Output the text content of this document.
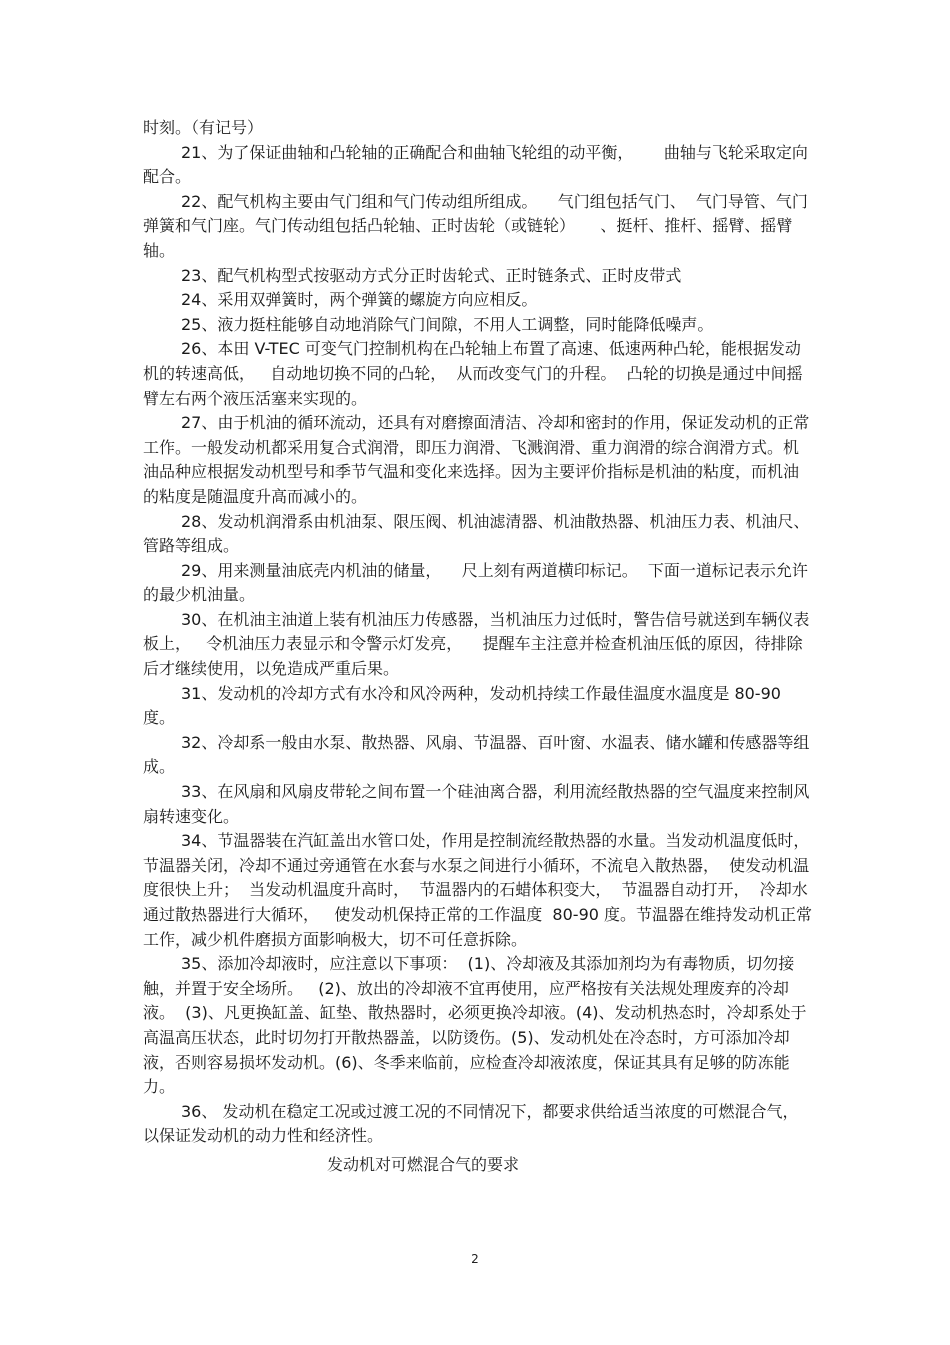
时刻。（有记号）

21、为了保证曲轴和凸轮轴的正确配合和曲轴飞轮组的动平衡，      曲轴与飞轮采取定向配合。

22、配气机构主要由气门组和气门传动组所组成。    气门组包括气门、  气门导管、气门弹簧和气门座。气门传动组包括凸轮轴、正时齿轮（或链轮）     、挺杆、推杆、摇臂、摇臂轴。

23、配气机构型式按驱动方式分正时齿轮式、正时链条式、正时皮带式

24、采用双弹簧时，两个弹簧的螺旋方向应相反。

25、液力挺柱能够自动地消除气门间隙，不用人工调整，同时能降低噪声。

26、本田 V-TEC 可变气门控制机构在凸轮轴上布置了高速、低速两种凸轮，能根据发动机的转速高低，   自动地切换不同的凸轮，  从而改变气门的升程。  凸轮的切换是通过中间摇臂左右两个液压活塞来实现的。

27、由于机油的循环流动，还具有对磨擦面清洁、冷却和密封的作用，保证发动机的正常工作。一般发动机都采用复合式润滑，即压力润滑、飞溅润滑、重力润滑的综合润滑方式。机油品种应根据发动机型号和季节气温和变化来选择。因为主要评价指标是机油的粘度，而机油的粘度是随温度升高而减小的。

28、发动机润滑系由机油泵、限压阀、机油滤清器、机油散热器、机油压力表、机油尺、管路等组成。

29、用来测量油底壳内机油的储量，    尺上刻有两道横印标记。  下面一道标记表示允许的最少机油量。

30、在机油主油道上装有机油压力传感器，当机油压力过低时，警告信号就送到车辆仪表板上，   令机油压力表显示和令警示灯发亮，    提醒车主注意并检查机油压低的原因，待排除后才继续使用，以免造成严重后果。

31、发动机的冷却方式有水冷和风冷两种，发动机持续工作最佳温度水温度是 80-90 度。

32、冷却系一般由水泵、散热器、风扇、节温器、百叶窗、水温表、储水罐和传感器等组成。

33、在风扇和风扇皮带轮之间布置一个硅油离合器，利用流经散热器的空气温度来控制风扇转速变化。

34、节温器装在汽缸盖出水管口处，作用是控制流经散热器的水量。当发动机温度低时，节温器关闭，冷却不通过旁通管在水套与水泵之间进行小循环，不流皂入散热器，  使发动机温度很快上升；  当发动机温度升高时，  节温器内的石蜡体积变大，  节温器自动打开，  冷却水通过散热器进行大循环，   使发动机保持正常的工作温度  80-90 度。节温器在维持发动机正常工作，减少机件磨损方面影响极大，切不可任意拆除。

35、添加冷却液时，应注意以下事项：  (1)、冷却液及其添加剂均为有毒物质，切勿接触，并置于安全场所。   (2)、放出的冷却液不宜再使用，应严格按有关法规处理废弃的冷却液。  (3)、凡更换缸盖、缸垫、散热器时，必须更换冷却液。(4)、发动机热态时，冷却系处于高温高压状态，此时切勿打开散热器盖，以防烫伤。(5)、发动机处在冷态时，方可添加冷却液，否则容易损坏发动机。(6)、冬季来临前，应检查冷却液浓度，保证其具有足够的防冻能力。

36、 发动机在稳定工况或过渡工况的不同情况下，都要求供给适当浓度的可燃混合气，以保证发动机的动力性和经济性。

发动机对可燃混合气的要求
2
